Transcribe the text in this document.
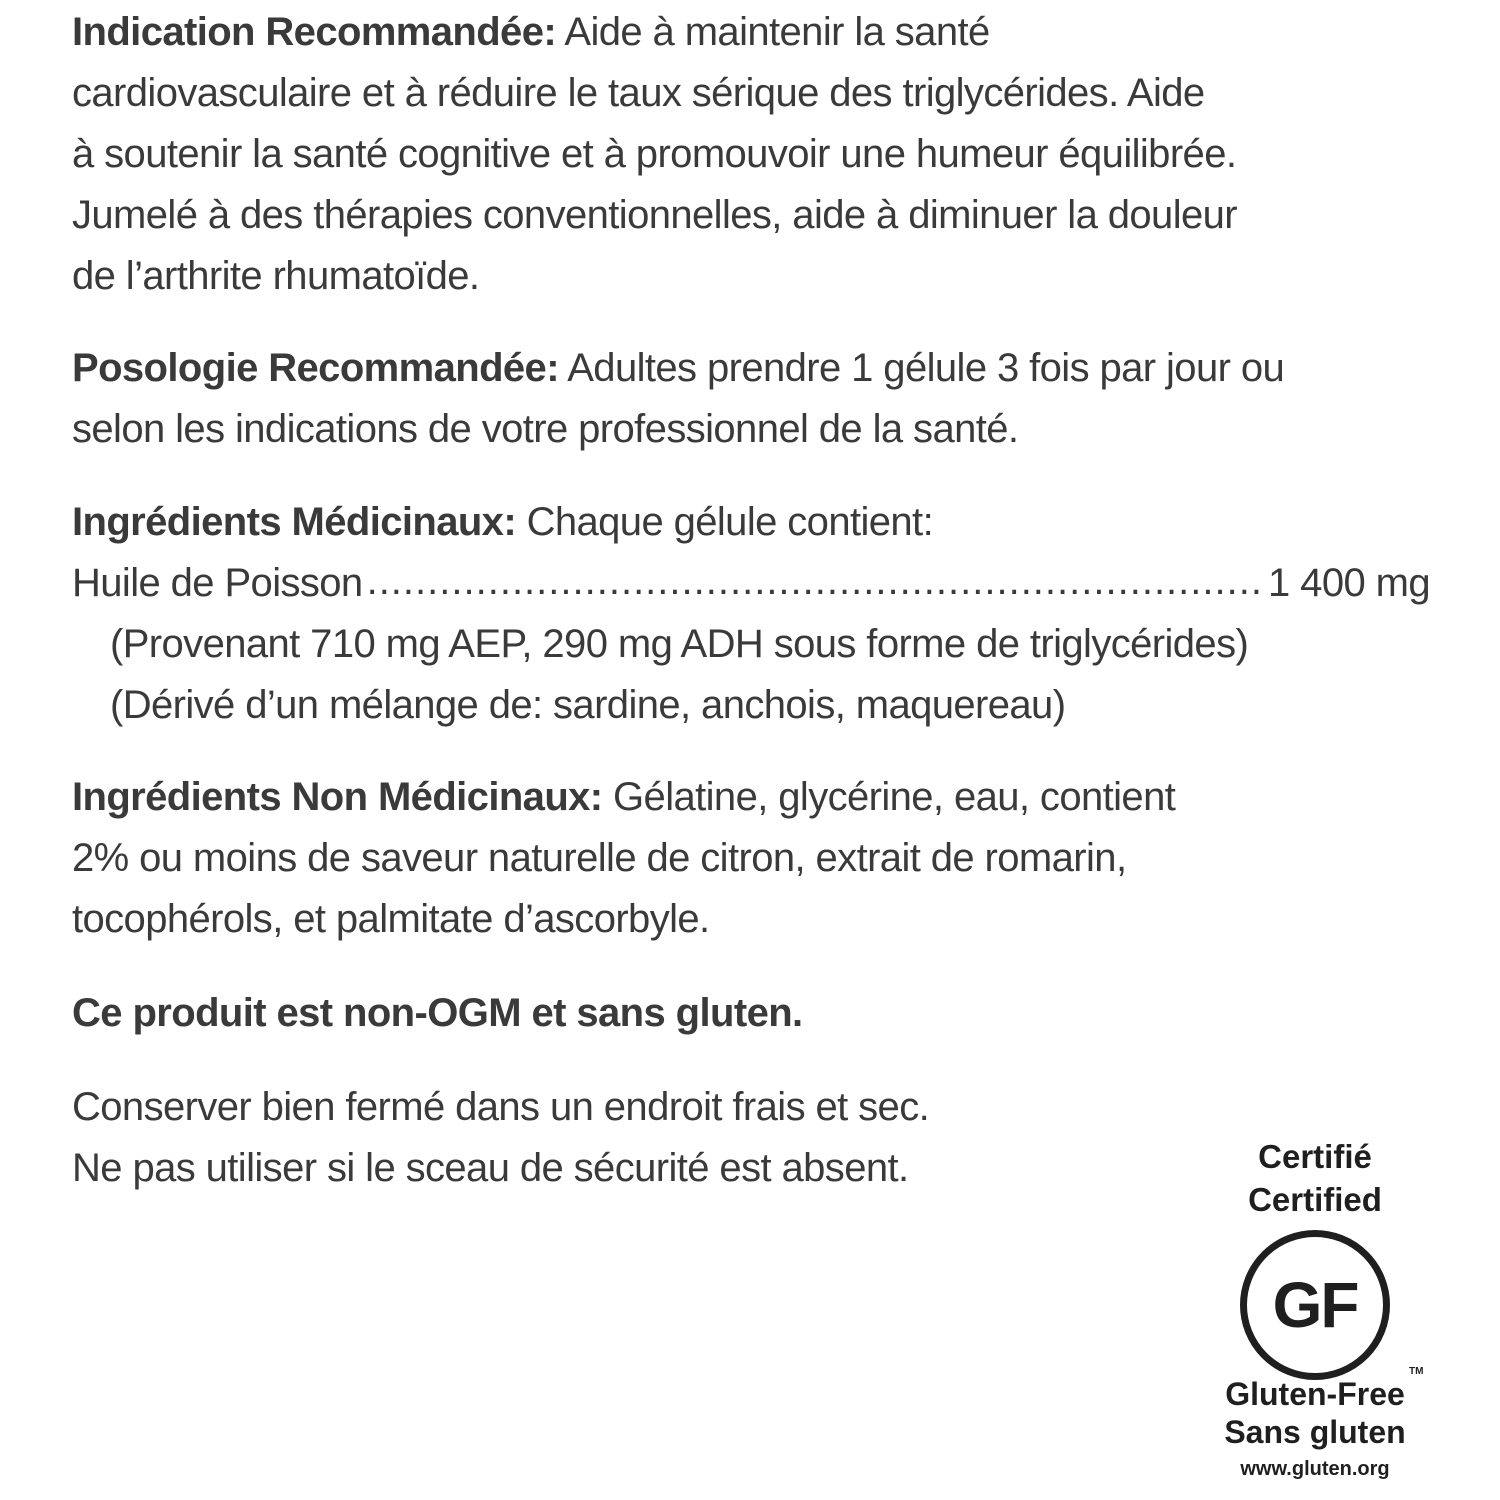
Indication Recommandée: Aide à maintenir la santé
cardiovasculaire et à réduire le taux sérique des triglycérides. Aide
à soutenir la santé cognitive et à promouvoir une humeur équilibrée.
Jumelé à des thérapies conventionnelles, aide à diminuer la douleur
de l’arthrite rhumatoïde.
Posologie Recommandée: Adultes prendre 1 gélule 3 fois par jour ou
selon les indications de votre professionnel de la santé.
Ingrédients Médicinaux: Chaque gélule contient:
Huile de Poisson
.....	1 400 mg
(Provenant 710 mg AEP, 290 mg ADH sous forme de triglycérides)
(Dérivé d’un mélange de: sardine, anchois, maquereau)
Ingrédients Non Médicinaux: Gélatine, glycérine, eau, contient
2% ou moins de saveur naturelle de citron, extrait de romarin,
tocophérols, et palmitate d’ascorbyle.
Ce produit est non-OGM et sans gluten.
Conserver bien fermé dans un endroit frais et sec.
Ne pas utiliser si le sceau de sécurité est absent.	Certifié
Certified
GF
TM
Gluten-Free
Sans gluten
www.gluten.org
